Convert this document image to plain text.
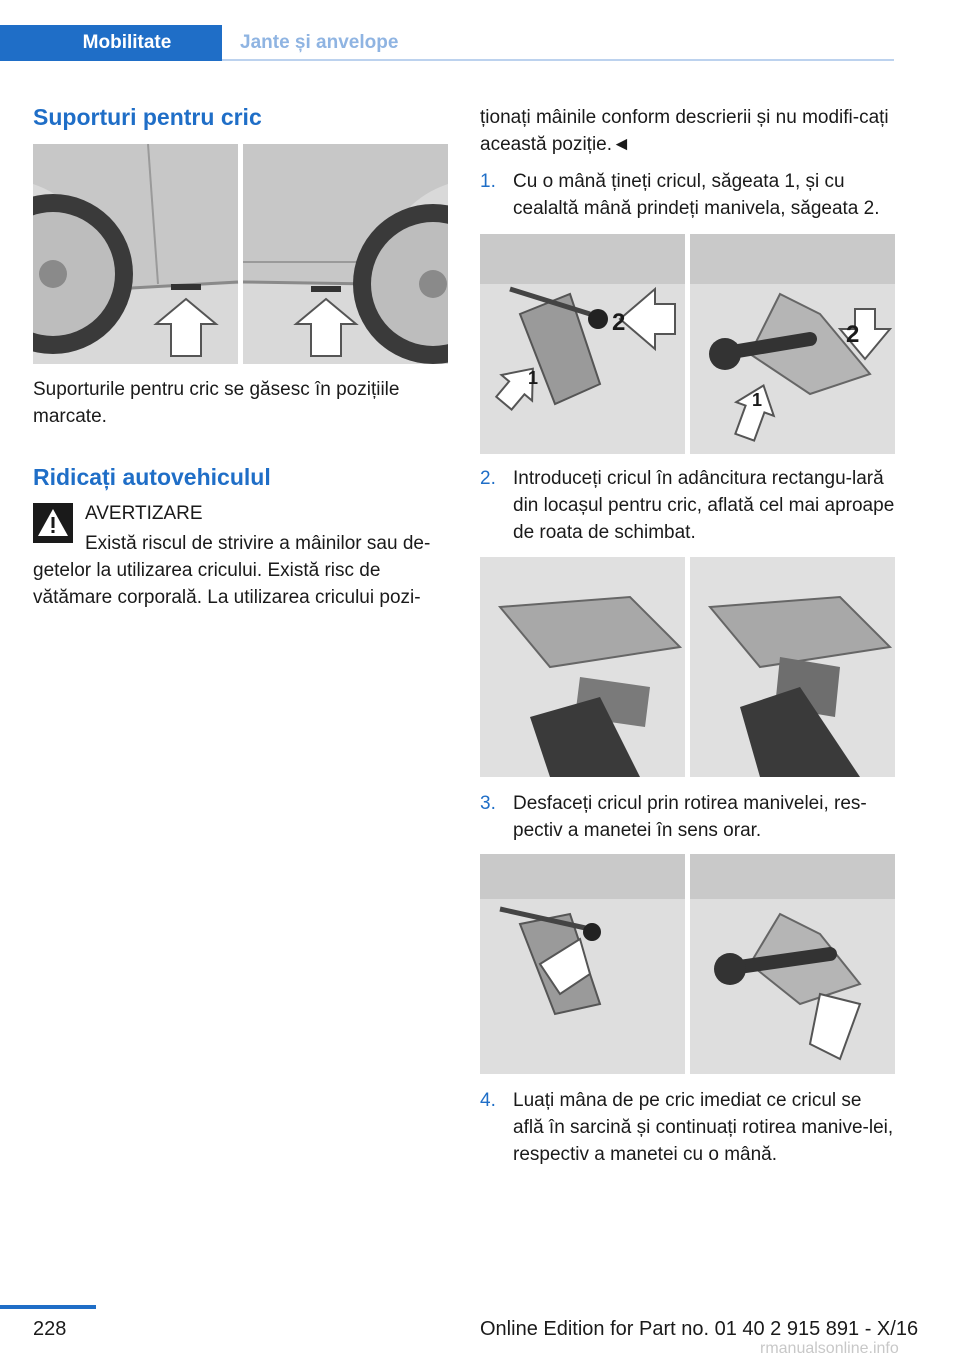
Mobilitate	Jante și anvelope
Suporturi pentru cric
Suporturile pentru cric se găsesc în pozițiile marcate.
Ridicați autovehiculul
AVERTIZARE
Există riscul de strivire a mâinilor sau de-
getelor la utilizarea cricului. Există risc de vătămare corporală. La utilizarea cricului pozi-
ționați mâinile conform descrierii și nu modifi-cați această poziție.◄
1. Cu o mână țineți cricul, săgeata 1, și cu cealaltă mână prindeți manivela, săgeata 2.
2
1
2
1
2. Introduceți cricul în adâncitura rectangu-lară din locașul pentru cric, aflată cel mai aproape de roata de schimbat.
3. Desfaceți cricul prin rotirea manivelei, res-pectiv a manetei în sens orar.
4. Luați mâna de pe cric imediat ce cricul se află în sarcină și continuați rotirea manive-lei, respectiv a manetei cu o mână.
228	Online Edition for Part no. 01 40 2 915 891 - X/16
rmanualsonline.info
